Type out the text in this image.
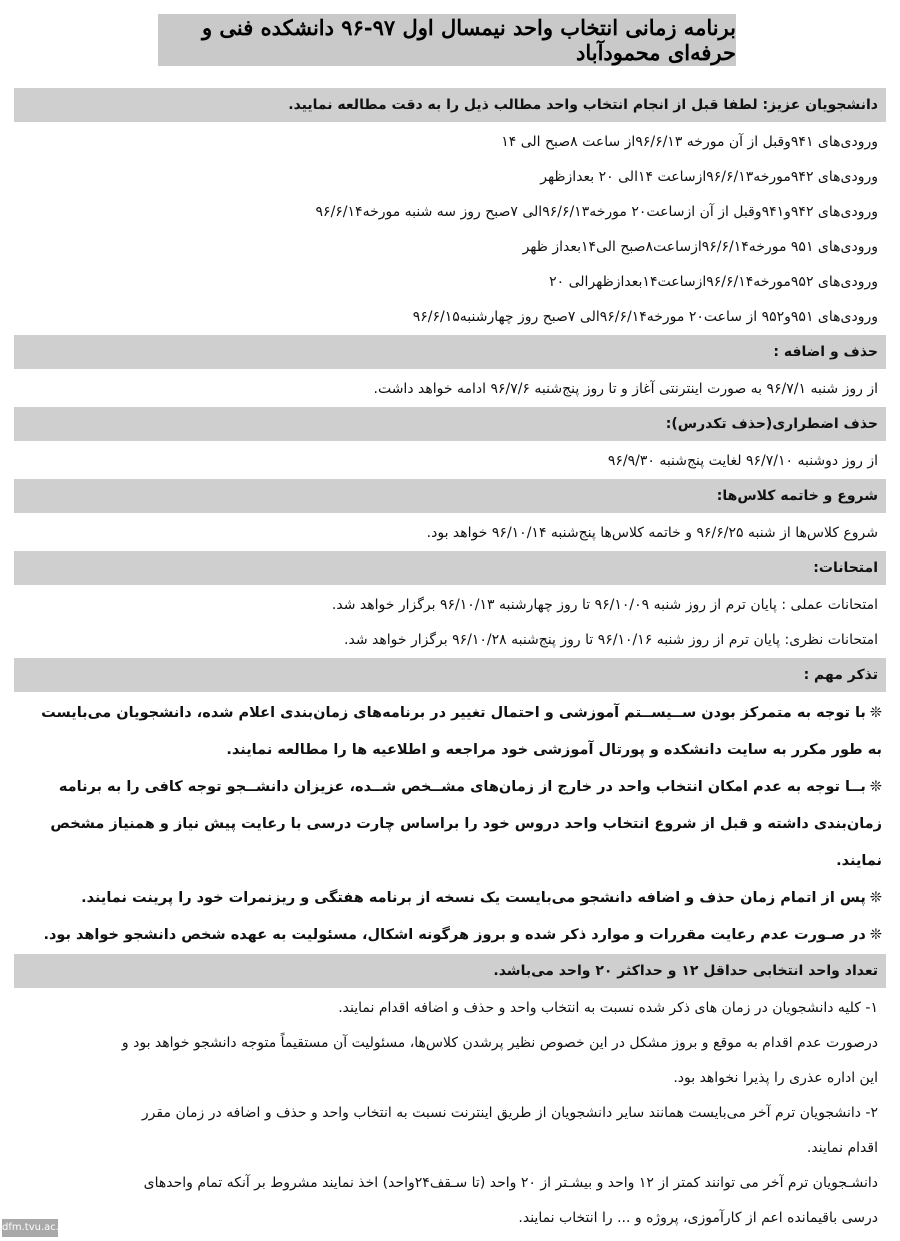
برنامه زمانی انتخاب واحد نیمسال اول ۹۷-۹۶ دانشکده فنی و حرفه‌ای محمودآباد
دانشجویان عزیز: لطفا قبل از انجام انتخاب واحد مطالب ذیل را به دقت مطالعه نمایید.
ورودی‌های ۹۴۱وقبل از آن مورخه ۹۶/۶/۱۳از ساعت ۸صبح الی ۱۴
ورودی‌های ۹۴۲مورخه۹۶/۶/۱۳ازساعت ۱۴الی ۲۰ بعدازظهر
ورودی‌های ۹۴۲و۹۴۱وقبل از آن ازساعت۲۰ مورخه۹۶/۶/۱۳الی ۷صبح روز سه شنبه مورخه۹۶/۶/۱۴
ورودی‌های ۹۵۱ مورخه۹۶/۶/۱۴ازساعت۸صبح الی۱۴بعداز ظهر
ورودی‌های ۹۵۲مورخه۹۶/۶/۱۴ازساعت۱۴بعدازظهرالی ۲۰
ورودی‌های ۹۵۱و۹۵۲ از ساعت۲۰ مورخه۹۶/۶/۱۴الی ۷صبح روز چهارشنبه۹۶/۶/۱۵
حذف و اضافه :
از روز شنبه ۹۶/۷/۱ به صورت اینترنتی آغاز و تا روز پنج‌شنبه ۹۶/۷/۶ ادامه خواهد داشت.
حذف اضطراری(حذف تکدرس):
از روز دوشنبه ۹۶/۷/۱۰ لغایت پنج‌شنبه ۹۶/۹/۳۰
شروع و خاتمه کلاس‌ها:
شروع کلاس‌ها از شنبه ۹۶/۶/۲۵ و خاتمه کلاس‌ها پنج‌شنبه ۹۶/۱۰/۱۴ خواهد بود.
امتحانات:
امتحانات عملی : پایان ترم از روز شنبه ۹۶/۱۰/۰۹ تا روز چهارشنبه ۹۶/۱۰/۱۳ برگزار خواهد شد.
امتحانات نظری: پایان ترم از روز شنبه ۹۶/۱۰/۱۶ تا روز پنج‌شنبه ۹۶/۱۰/۲۸ برگزار خواهد شد.
تذکر مهم :
❊با توجه به متمرکز بودن ســیســتم آموزشی و احتمال تغییر در برنامه‌های زمان‌بندی اعلام شده، دانشجویان می‌بایست
به طور مکرر به سایت دانشکده و پورتال آموزشی خود مراجعه و اطلاعیه ها را مطالعه نمایند.
❊بــا توجه به عدم امکان انتخاب واحد در خارج از زمان‌های مشــخص شــده، عزیزان دانشــجو توجه کافی را به برنامه
زمان‌بندی داشته و قبل از شروع انتخاب واحد دروس خود را براساس چارت درسی با رعایت پیش نیاز و همنیاز مشخص
نمایند.
❊پس از اتمام زمان حذف و اضافه دانشجو می‌بایست یک نسخه از برنامه هفتگی و ریزنمرات خود را پرینت نمایند.
❊در صـورت عدم رعایت مقررات و موارد ذکر شده و بروز هرگونه اشکال، مسئولیت به عهده شخص دانشجو خواهد بود.
تعداد واحد انتخابی حداقل ۱۲ و حداکثر ۲۰ واحد می‌باشد.
۱- کلیه دانشجویان در زمان های ذکر شده نسبت به انتخاب واحد و حذف و اضافه اقدام نمایند.
درصورت عدم اقدام به موقع و بروز مشکل در این خصوص نظیر پرشدن کلاس‌ها، مسئولیت آن مستقیماً متوجه دانشجو خواهد بود و
این اداره عذری را پذیرا نخواهد بود.
۲- دانشجویان ترم آخر می‌بایست همانند سایر دانشجویان از طریق اینترنت نسبت به انتخاب واحد و حذف و اضافه در زمان مقرر
اقدام نمایند.
دانشـجویان ترم آخر می توانند کمتر از ۱۲ واحد و بیشـتر از ۲۰ واحد (تا سـقف۲۴واحد) اخذ نمایند مشروط بر آنکه تمام واحدهای
درسی باقیمانده اعم از کارآموزی، پروژه و ... را انتخاب نمایند.
dfm.tvu.ac.ir
